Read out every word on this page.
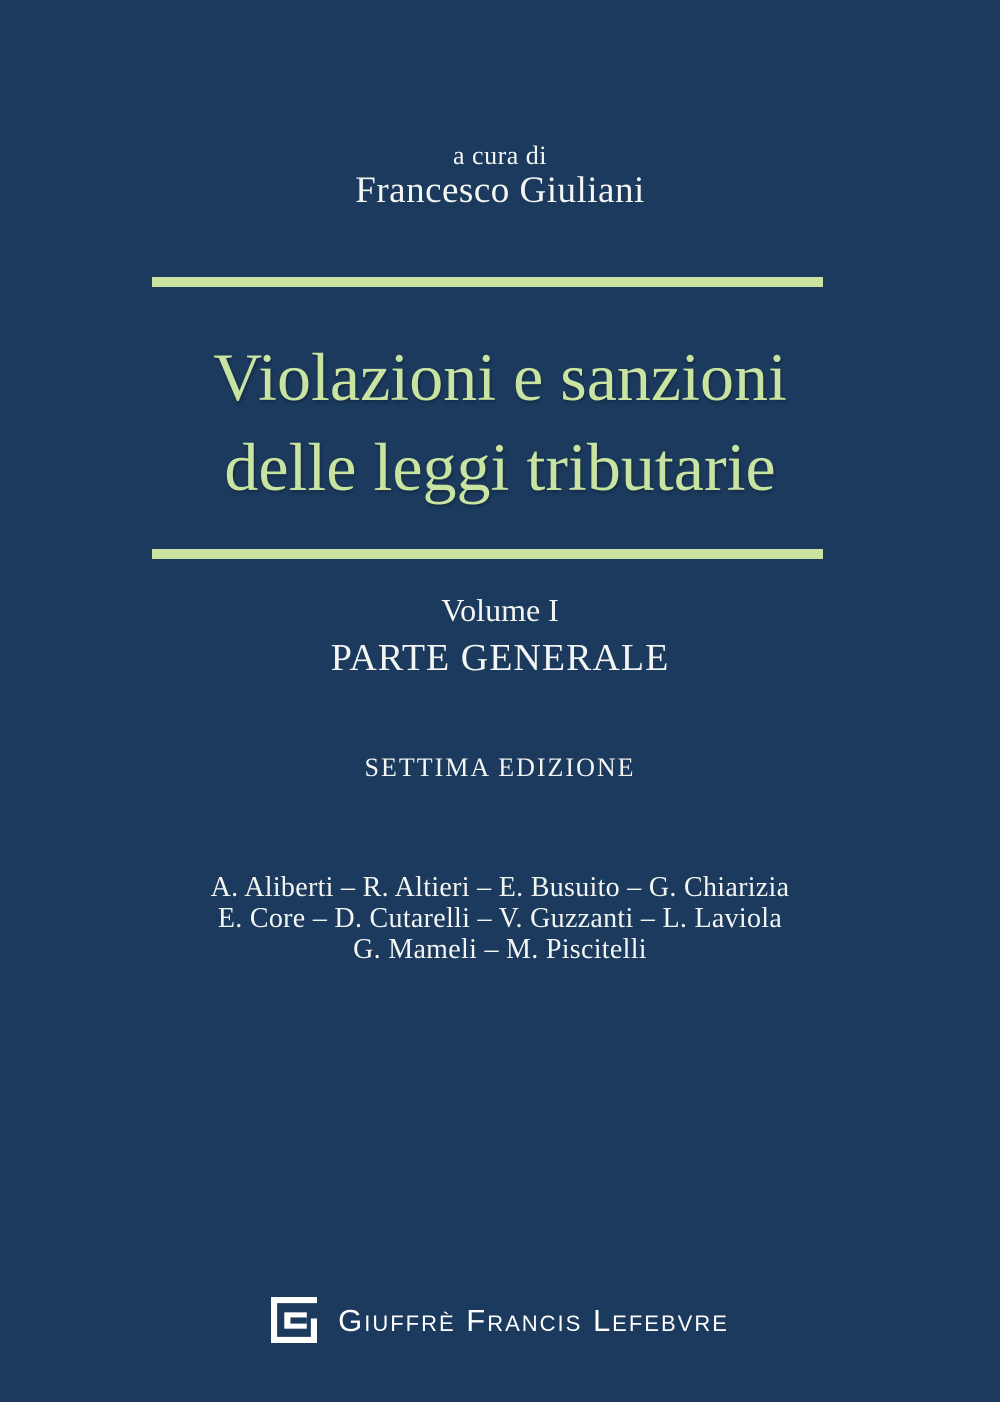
a cura di
Francesco Giuliani
Violazioni e sanzioni
delle leggi tributarie
Volume I
PARTE GENERALE
SETTIMA EDIZIONE
A. Aliberti – R. Altieri – E. Busuito – G. Chiarizia
E. Core – D. Cutarelli – V. Guzzanti – L. Laviola
G. Mameli – M. Piscitelli
Giuffrè Francis Lefebvre
